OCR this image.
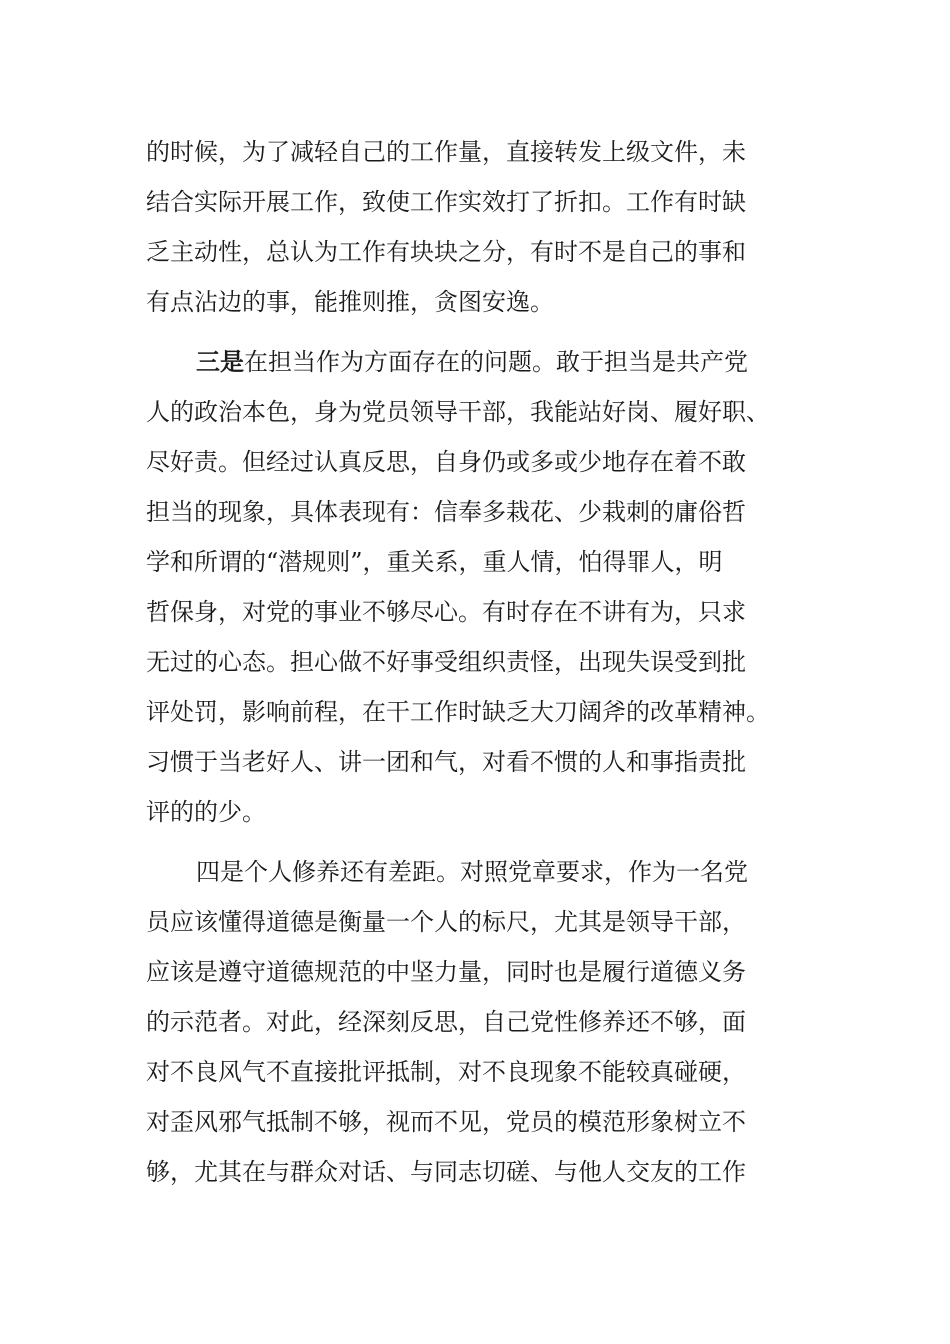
的时候，为了减轻自己的工作量，直接转发上级文件，未
结合实际开展工作，致使工作实效打了折扣。工作有时缺
乏主动性，总认为工作有块块之分，有时不是自己的事和
有点沾边的事，能推则推，贪图安逸。
三是在担当作为方面存在的问题。敢于担当是共产党
人的政治本色，身为党员领导干部，我能站好岗、履好职、
尽好责。但经过认真反思，自身仍或多或少地存在着不敢
担当的现象，具体表现有：信奉多栽花、少栽刺的庸俗哲
学和所谓的“潜规则”，重关系，重人情，怕得罪人，明
哲保身，对党的事业不够尽心。有时存在不讲有为，只求
无过的心态。担心做不好事受组织责怪，出现失误受到批
评处罚，影响前程，在干工作时缺乏大刀阔斧的改革精神。
习惯于当老好人、讲一团和气，对看不惯的人和事指责批
评的的少。
四是个人修养还有差距。对照党章要求，作为一名党
员应该懂得道德是衡量一个人的标尺，尤其是领导干部，
应该是遵守道德规范的中坚力量，同时也是履行道德义务
的示范者。对此，经深刻反思，自己党性修养还不够，面
对不良风气不直接批评抵制，对不良现象不能较真碰硬，
对歪风邪气抵制不够，视而不见，党员的模范形象树立不
够，尤其在与群众对话、与同志切磋、与他人交友的工作
